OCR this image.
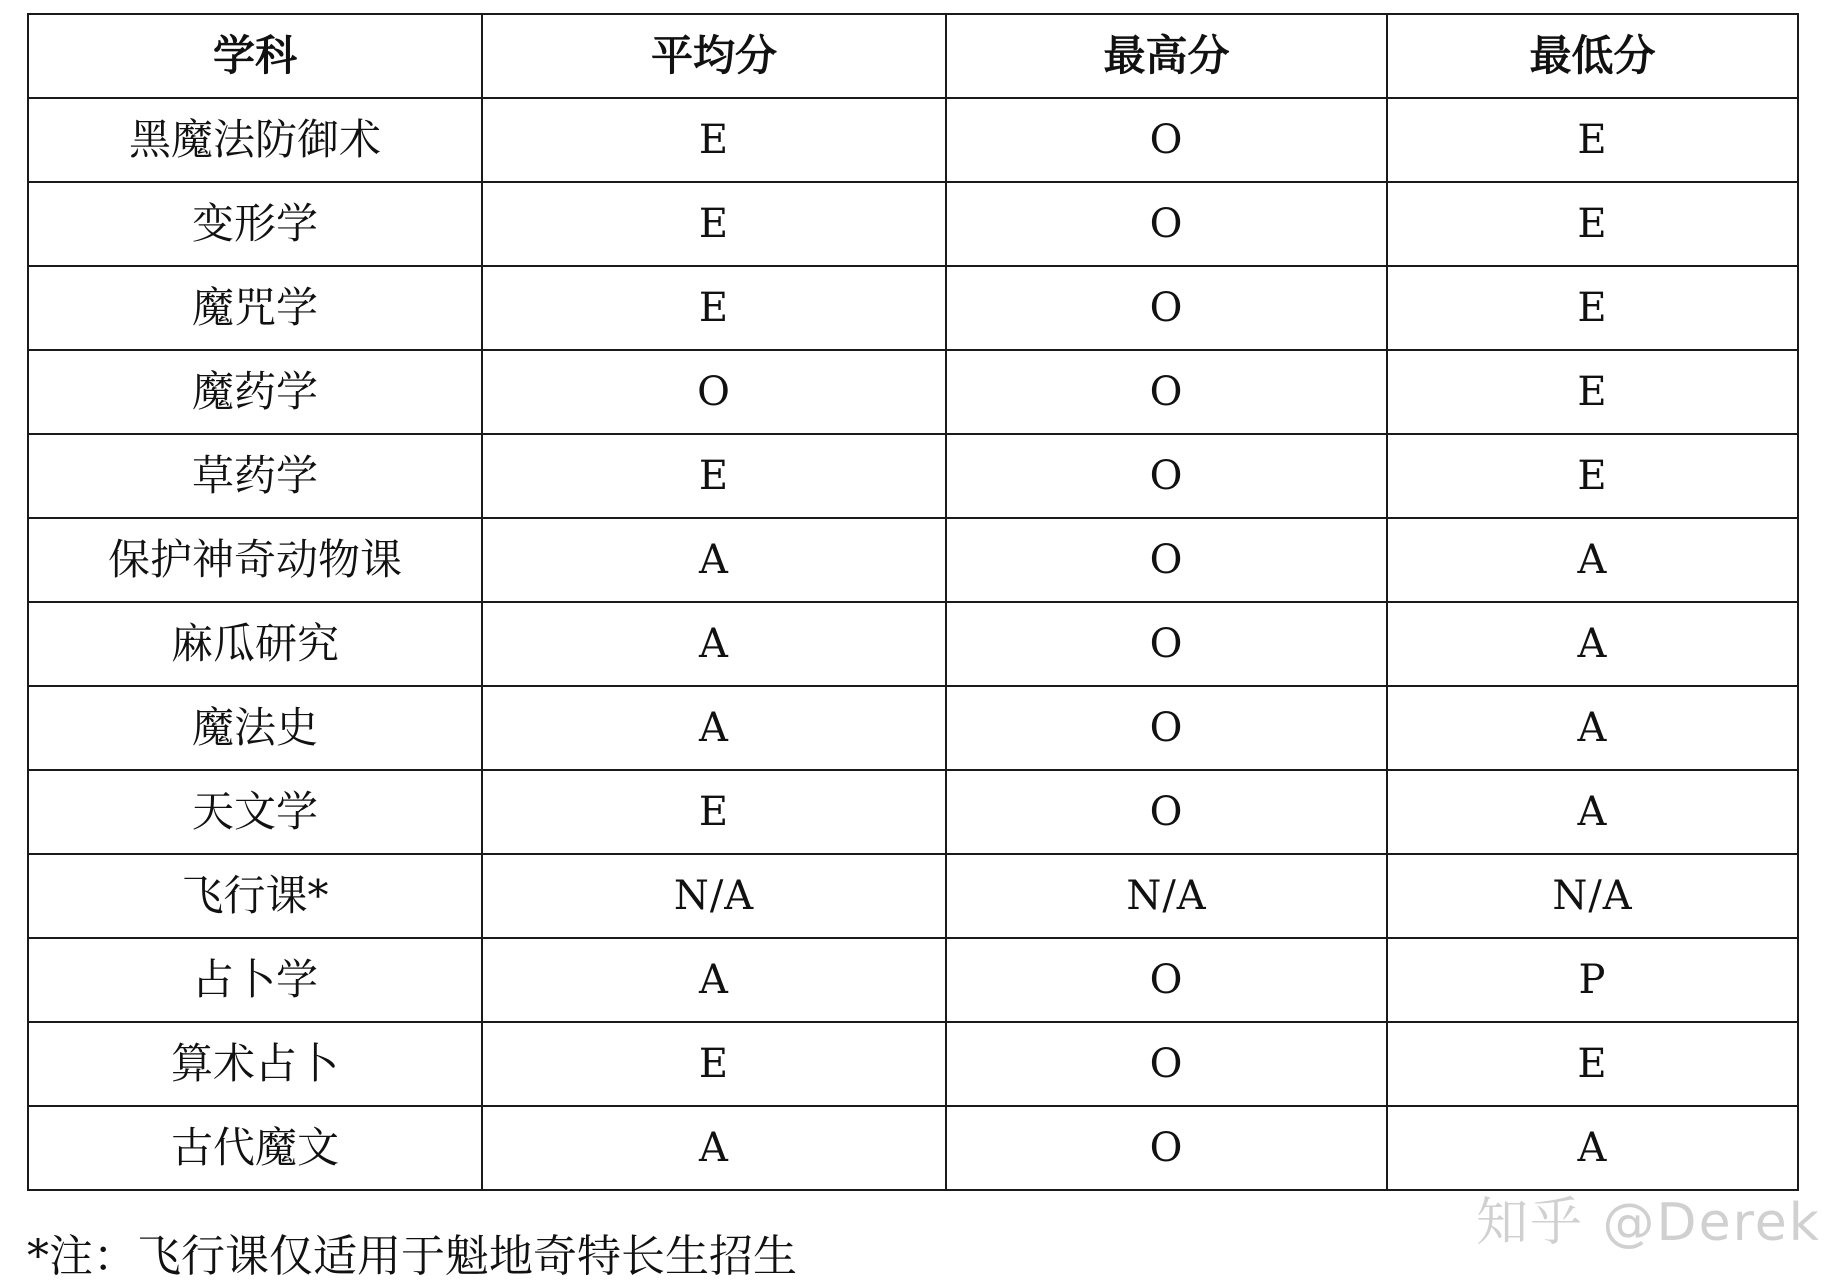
学科	平均分	最高分	最低分
黑魔法防御术	E	O	E
变形学	E	O	E
魔咒学	E	O	E
魔药学	O	O	E
草药学	E	O	E
保护神奇动物课	A	O	A
麻瓜研究	A	O	A
魔法史	A	O	A
天文学	E	O	A
飞行课*	N/A	N/A	N/A
占卜学	A	O	P
算术占卜	E	O	E
古代魔文	A	O	A
知乎 @Derek
*注：飞行课仅适用于魁地奇特长生招生
